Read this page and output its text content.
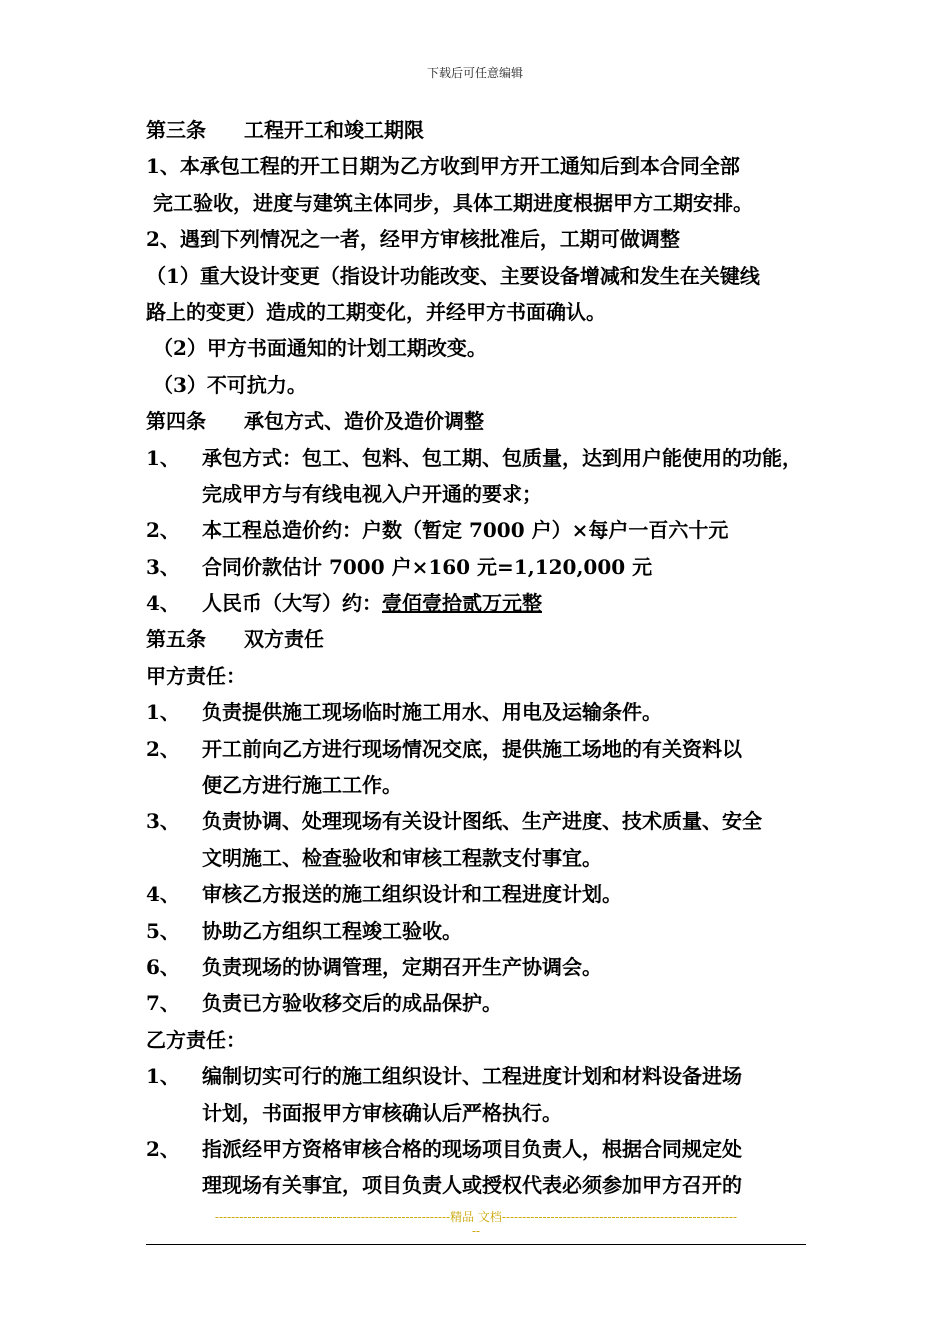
下载后可任意编辑
第三条 工程开工和竣工期限
1、本承包工程的开工日期为乙方收到甲方开工通知后到本合同全部
完工验收，进度与建筑主体同步，具体工期进度根据甲方工期安排。
2、遇到下列情况之一者，经甲方审核批准后，工期可做调整
（1）重大设计变更（指设计功能改变、主要设备增减和发生在关键线
路上的变更）造成的工期变化，并经甲方书面确认。
（2）甲方书面通知的计划工期改变。
（3）不可抗力。
第四条 承包方式、造价及造价调整
1、	承包方式：包工、包料、包工期、包质量，达到用户能使用的功能，
完成甲方与有线电视入户开通的要求；
2、	本工程总造价约：户数（暂定 7000 户）×每户一百六十元
3、	合同价款估计 7000 户×160 元=1,120,000 元
4、	人民币（大写）约： 壹佰壹拾贰万元整
第五条 双方责任
甲方责任：
1、	负责提供施工现场临时施工用水、用电及运输条件。
2、	开工前向乙方进行现场情况交底，提供施工场地的有关资料以
便乙方进行施工工作。
3、	负责协调、处理现场有关设计图纸、生产进度、技术质量、安全
文明施工、检查验收和审核工程款支付事宜。
4、	审核乙方报送的施工组织设计和工程进度计划。
5、	协助乙方组织工程竣工验收。
6、	负责现场的协调管理，定期召开生产协调会。
7、	负责已方验收移交后的成品保护。
乙方责任：
1、	编制切实可行的施工组织设计、工程进度计划和材料设备进场
计划，书面报甲方审核确认后严格执行。
2、	指派经甲方资格审核合格的现场项目负责人，根据合同规定处
理现场有关事宜，项目负责人或授权代表必须参加甲方召开的
----------------------------------------------------------精品 文档----------------------------------------------------------
--
